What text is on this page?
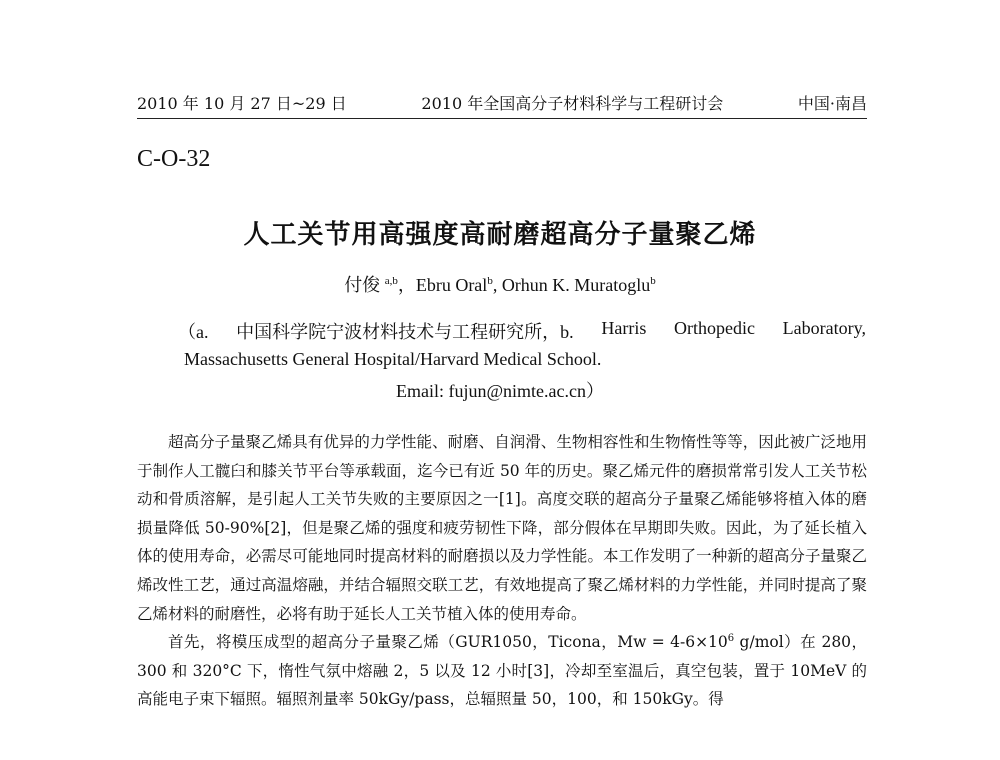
2010 年 10 月 27 日~29 日	2010 年全国高分子材料科学与工程研讨会	中国·南昌
C-O-32
人工关节用高强度高耐磨超高分子量聚乙烯
付俊 $^{a,b}$，Ebru Oral$^b$, Orhun K. Muratoglu$^b$
（a. 中国科学院宁波材料技术与工程研究所，b. Harris Orthopedic Laboratory,
Massachusetts General Hospital/Harvard Medical School.
Email: fujun@nimte.ac.cn）

超高分子量聚乙烯具有优异的力学性能、耐磨、自润滑、生物相容性和生物惰性等等，因此被广泛地用于制作人工髋臼和膝关节平台等承载面，迄今已有近 50 年的历史。聚乙烯元件的磨损常常引发人工关节松动和骨质溶解，是引起人工关节失败的主要原因之一[1]。高度交联的超高分子量聚乙烯能够将植入体的磨损量降低 50-90%[2]，但是聚乙烯的强度和疲劳韧性下降，部分假体在早期即失败。因此，为了延长植入体的使用寿命，必需尽可能地同时提高材料的耐磨损以及力学性能。本工作发明了一种新的超高分子量聚乙烯改性工艺，通过高温熔融，并结合辐照交联工艺，有效地提高了聚乙烯材料的力学性能，并同时提高了聚乙烯材料的耐磨性，必将有助于延长人工关节植入体的使用寿命。

首先，将模压成型的超高分子量聚乙烯（GUR1050，Ticona，$Mw = 4-6\times 10^6$ g/mol）在 280，300 和 320°C 下，惰性气氛中熔融 2，5 以及 12 小时[3]，冷却至室温后，真空包装，置于 10MeV 的高能电子束下辐照。辐照剂量率 50kGy/pass，总辐照量 50，100，和 150kGy。得
